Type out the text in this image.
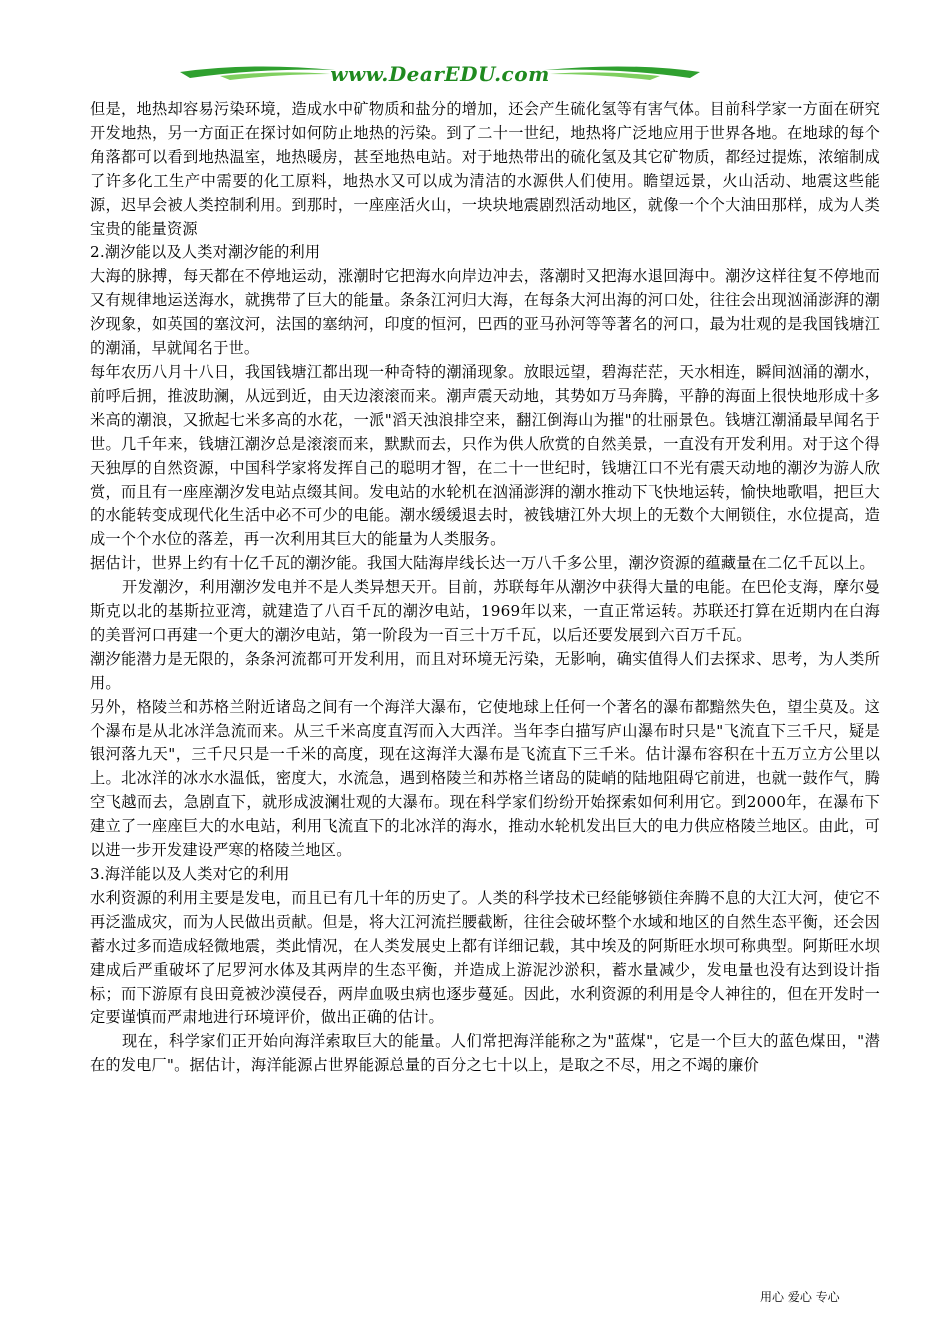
www.DearEDU.com

但是，地热却容易污染环境，造成水中矿物质和盐分的增加，还会产生硫化氢等有害气体。目前科学家一方面在研究开发地热，另一方面正在探讨如何防止地热的污染。到了二十一世纪，地热将广泛地应用于世界各地。在地球的每个角落都可以看到地热温室，地热暖房，甚至地热电站。对于地热带出的硫化氢及其它矿物质，都经过提炼，浓缩制成了许多化工生产中需要的化工原料，地热水又可以成为清洁的水源供人们使用。瞻望远景，火山活动、地震这些能源，迟早会被人类控制利用。到那时，一座座活火山，一块块地震剧烈活动地区，就像一个个大油田那样，成为人类宝贵的能量资源

2.潮汐能以及人类对潮汐能的利用

大海的脉搏，每天都在不停地运动，涨潮时它把海水向岸边冲去，落潮时又把海水退回海中。潮汐这样往复不停地而又有规律地运送海水，就携带了巨大的能量。条条江河归大海，在每条大河出海的河口处，往往会出现汹涌澎湃的潮汐现象，如英国的塞汶河，法国的塞纳河，印度的恒河，巴西的亚马孙河等等著名的河口，最为壮观的是我国钱塘江的潮涌，早就闻名于世。

每年农历八月十八日，我国钱塘江都出现一种奇特的潮涌现象。放眼远望，碧海茫茫，天水相连，瞬间汹涌的潮水，前呼后拥，推波助澜，从远到近，由天边滚滚而来。潮声震天动地，其势如万马奔腾，平静的海面上很快地形成十多米高的潮浪，又掀起七米多高的水花，一派"滔天浊浪排空来，翻江倒海山为摧"的壮丽景色。钱塘江潮涌最早闻名于世。几千年来，钱塘江潮汐总是滚滚而来，默默而去，只作为供人欣赏的自然美景，一直没有开发利用。对于这个得天独厚的自然资源，中国科学家将发挥自己的聪明才智，在二十一世纪时，钱塘江口不光有震天动地的潮汐为游人欣赏，而且有一座座潮汐发电站点缀其间。发电站的水轮机在汹涌澎湃的潮水推动下飞快地运转，愉快地歌唱，把巨大的水能转变成现代化生活中必不可少的电能。潮水缓缓退去时，被钱塘江外大坝上的无数个大闸锁住，水位提高，造成一个个水位的落差，再一次利用其巨大的能量为人类服务。

据估计，世界上约有十亿千瓦的潮汐能。我国大陆海岸线长达一万八千多公里，潮汐资源的蕴藏量在二亿千瓦以上。

开发潮汐，利用潮汐发电并不是人类异想天开。目前，苏联每年从潮汐中获得大量的电能。在巴伦支海，摩尔曼斯克以北的基斯拉亚湾，就建造了八百千瓦的潮汐电站，1969年以来，一直正常运转。苏联还打算在近期内在白海的美晋河口再建一个更大的潮汐电站，第一阶段为一百三十万千瓦，以后还要发展到六百万千瓦。

潮汐能潜力是无限的，条条河流都可开发利用，而且对环境无污染，无影响，确实值得人们去探求、思考，为人类所用。

另外，格陵兰和苏格兰附近诸岛之间有一个海洋大瀑布，它使地球上任何一个著名的瀑布都黯然失色，望尘莫及。这个瀑布是从北冰洋急流而来。从三千米高度直泻而入大西洋。当年李白描写庐山瀑布时只是"飞流直下三千尺，疑是银河落九天"，三千尺只是一千米的高度，现在这海洋大瀑布是飞流直下三千米。估计瀑布容积在十五万立方公里以上。北冰洋的冰水水温低，密度大，水流急，遇到格陵兰和苏格兰诸岛的陡峭的陆地阻碍它前进，也就一鼓作气，腾空飞越而去，急剧直下，就形成波澜壮观的大瀑布。现在科学家们纷纷开始探索如何利用它。到2000年，在瀑布下建立了一座座巨大的水电站，利用飞流直下的北冰洋的海水，推动水轮机发出巨大的电力供应格陵兰地区。由此，可以进一步开发建设严寒的格陵兰地区。

3.海洋能以及人类对它的利用

水利资源的利用主要是发电，而且已有几十年的历史了。人类的科学技术已经能够锁住奔腾不息的大江大河，使它不再泛滥成灾，而为人民做出贡献。但是，将大江河流拦腰截断，往往会破坏整个水域和地区的自然生态平衡，还会因蓄水过多而造成轻微地震，类此情况，在人类发展史上都有详细记载，其中埃及的阿斯旺水坝可称典型。阿斯旺水坝建成后严重破坏了尼罗河水体及其两岸的生态平衡，并造成上游泥沙淤积，蓄水量减少，发电量也没有达到设计指标；而下游原有良田竟被沙漠侵吞，两岸血吸虫病也逐步蔓延。因此，水利资源的利用是令人神往的，但在开发时一定要谨慎而严肃地进行环境评价，做出正确的估计。

现在，科学家们正开始向海洋索取巨大的能量。人们常把海洋能称之为"蓝煤"，它是一个巨大的蓝色煤田，"潜在的发电厂"。据估计，海洋能源占世界能源总量的百分之七十以上，是取之不尽，用之不竭的廉价

用心 爱心 专心
